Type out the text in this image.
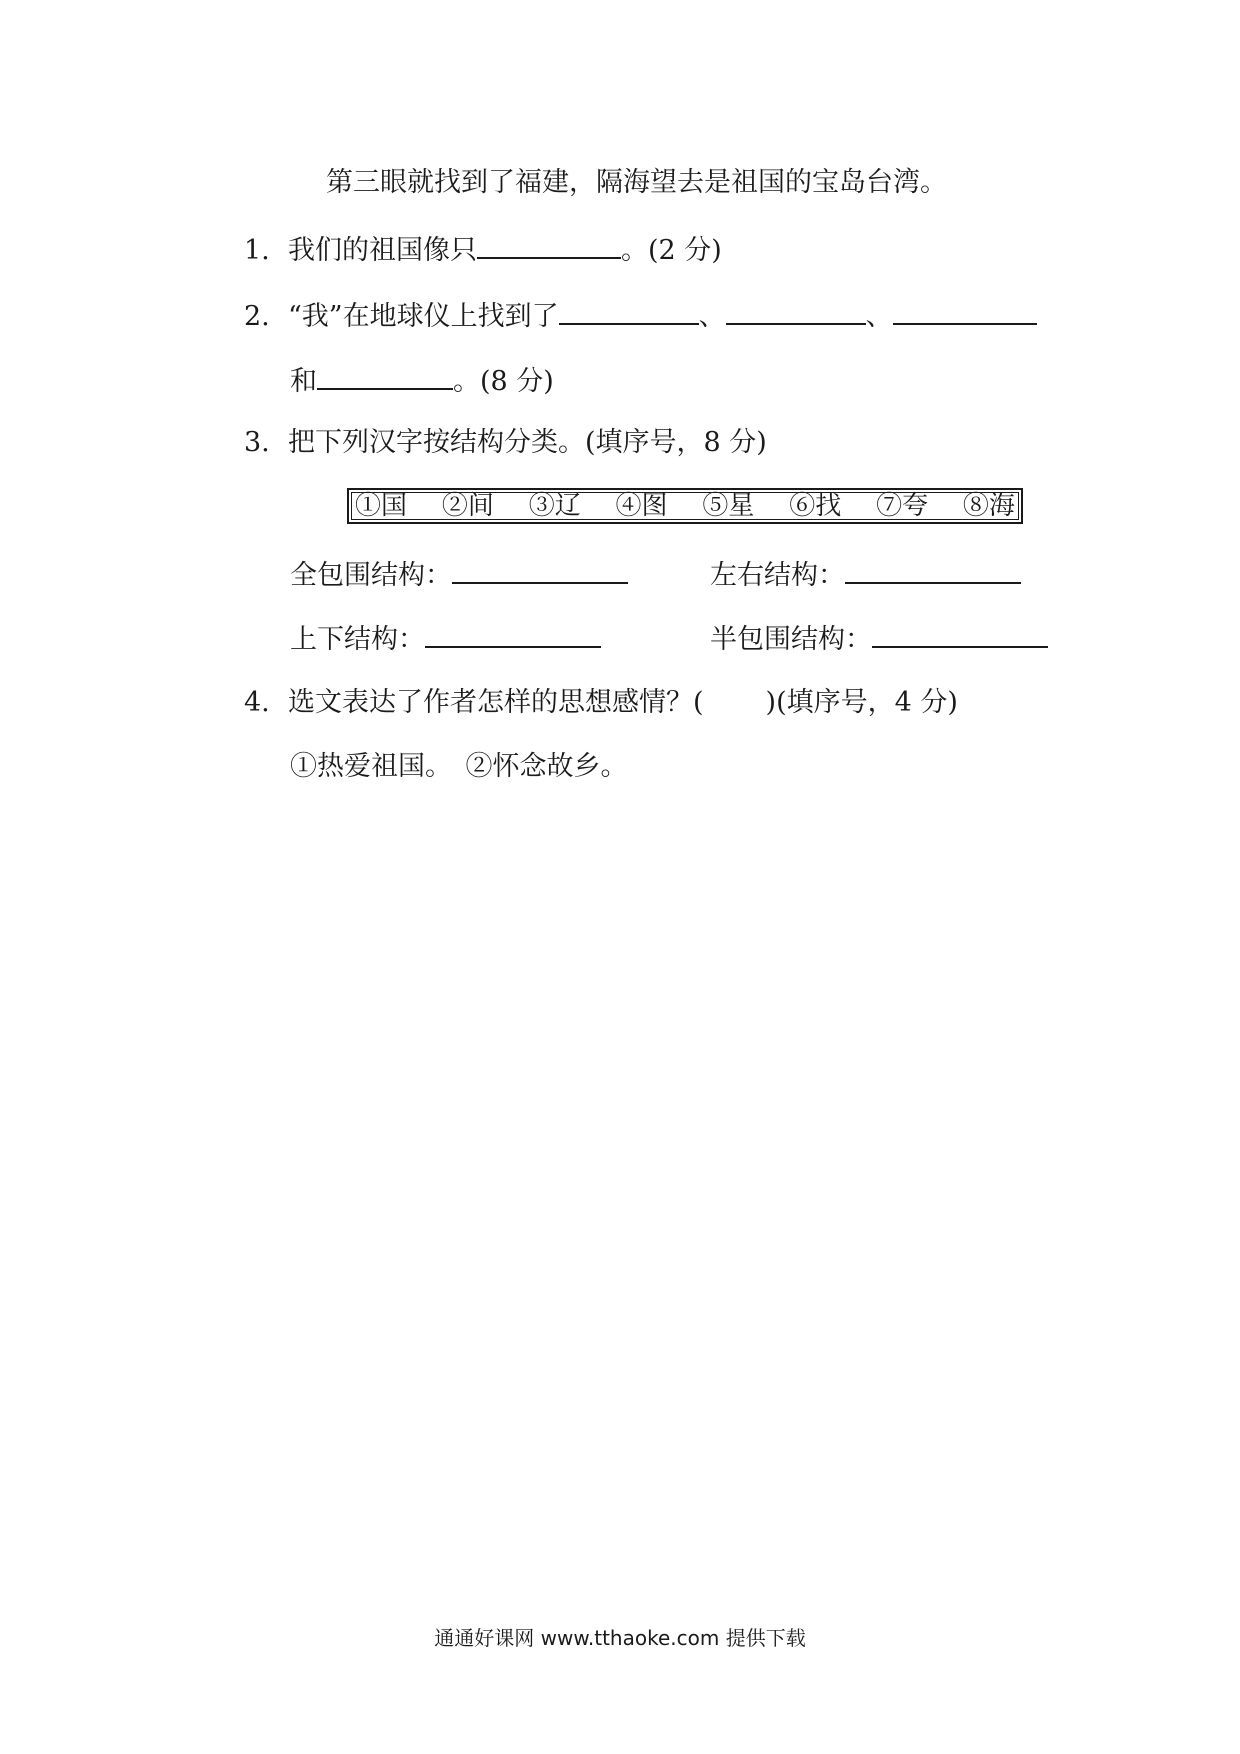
第三眼就找到了福建，隔海望去是祖国的宝岛台湾。
1. 我们的祖国像只	。(2 分)
2. “我”在地球仪上找到了	、	、
和	。(8 分)
3. 把下列汉字按结构分类。(填序号，8 分)
①国 ②间 ③辽 ④图 ⑤星 ⑥找 ⑦夸 ⑧海
全包围结构：	左右结构：
上下结构：	半包围结构：
4. 选文表达了作者怎样的思想感情？( )(填序号，4 分)
①热爱祖国。　②怀念故乡。
通通好课网 www.tthaoke.com 提供下载
